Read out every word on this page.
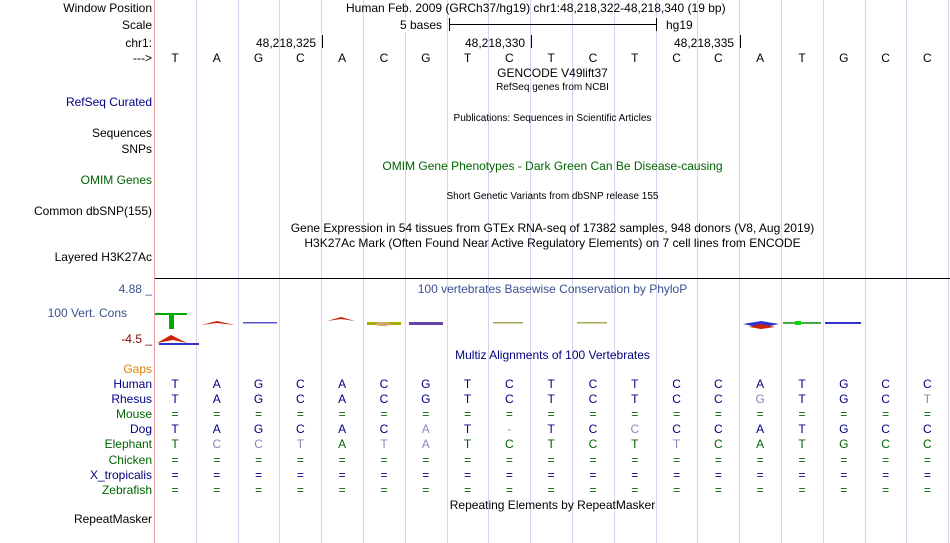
Window Position	Human Feb. 2009 (GRCh37/hg19) chr1:48,218,322-48,218,340 (19 bp)
Scale	5 bases	hg19
chr1:	48,218,325	48,218,330	48,218,335
--->	T	A	G	C	A	C	G	T	C	T	C	T	C	C	A	T	G	C	C
GENCODE V49lift37
RefSeq genes from NCBI
RefSeq Curated
Publications: Sequences in Scientific Articles
Sequences
SNPs
OMIM Gene Phenotypes - Dark Green Can Be Disease-causing
OMIM Genes
Short Genetic Variants from dbSNP release 155
Common dbSNP(155)
Gene Expression in 54 tissues from GTEx RNA-seq of 17382 samples, 948 donors (V8, Aug 2019)
H3K27Ac Mark (Often Found Near Active Regulatory Elements) on 7 cell lines from ENCODE
Layered H3K27Ac
4.88 _	100 vertebrates Basewise Conservation by PhyloP
100 Vert. Cons
-4.5 _
Multiz Alignments of 100 Vertebrates
Gaps
Human	T	A	G	C	A	C	G	T	C	T	C	T	C	C	A	T	G	C	C
Rhesus	T	A	G	C	A	C	G	T	C	T	C	T	C	C	G	T	G	C	T
Mouse	=	=	=	=	=	=	=	=	=	=	=	=	=	=	=	=	=	=	=
Dog	T	A	G	C	A	C	A	T	-	T	C	C	C	C	A	T	G	C	C
Elephant	T	C	C	T	A	T	A	T	C	T	C	T	T	C	A	T	G	C	C
Chicken	=	=	=	=	=	=	=	=	=	=	=	=	=	=	=	=	=	=	=
X_tropicalis	=	=	=	=	=	=	=	=	=	=	=	=	=	=	=	=	=	=	=
Zebrafish	=	=	=	=	=	=	=	=	=	=	=	=	=	=	=	=	=	=	=
Repeating Elements by RepeatMasker
RepeatMasker
